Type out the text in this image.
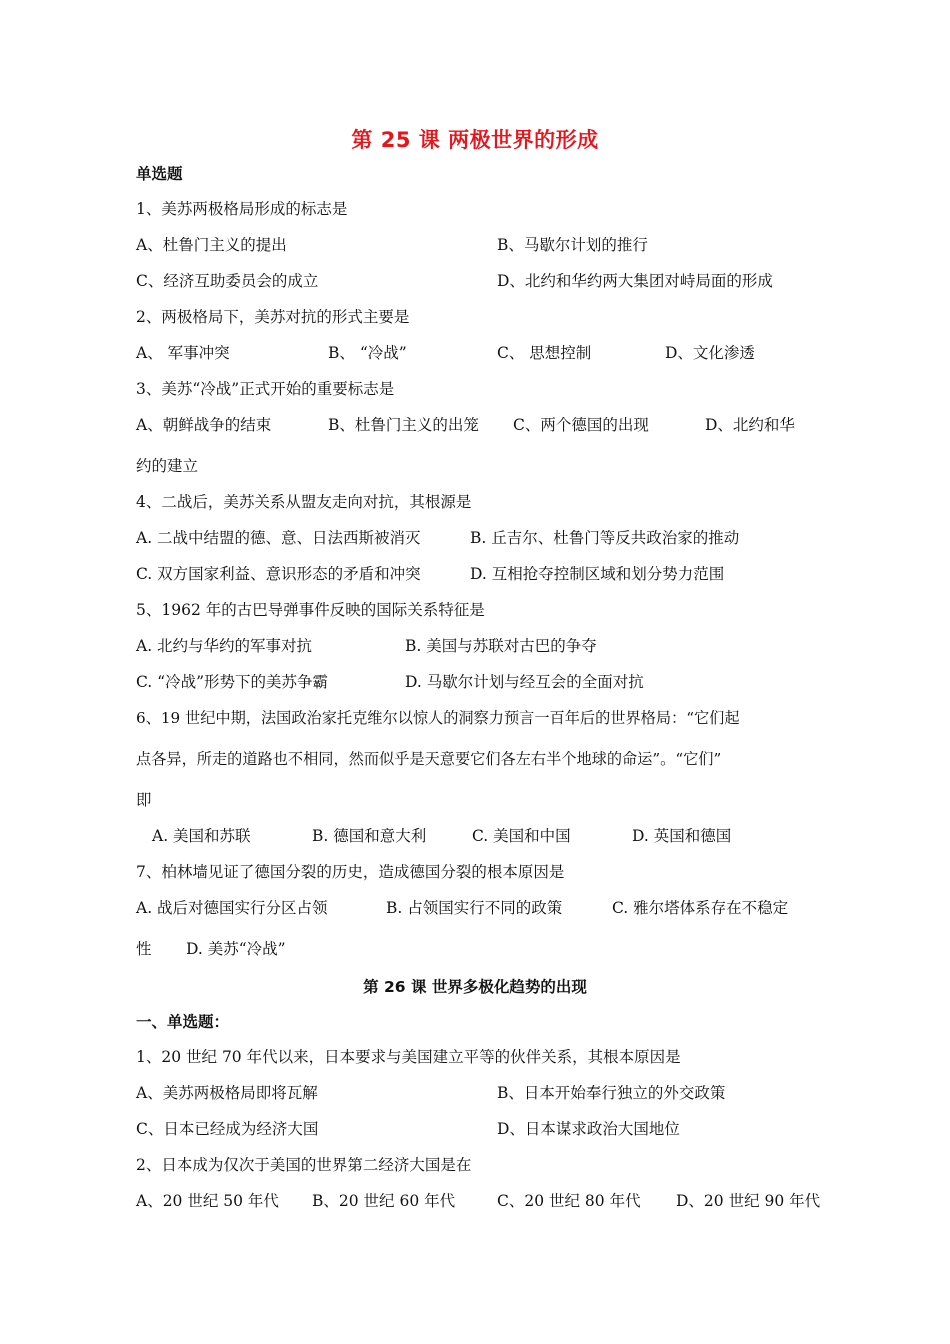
第 25 课 两极世界的形成
单选题
1、美苏两极格局形成的标志是
A、杜鲁门主义的提出	B、马歇尔计划的推行
C、经济互助委员会的成立	D、北约和华约两大集团对峙局面的形成
2、两极格局下，美苏对抗的形式主要是
A、 军事冲突	B、 “冷战”	C、 思想控制	D、文化渗透
3、美苏“冷战”正式开始的重要标志是
A、朝鲜战争的结束	B、杜鲁门主义的出笼 C、两个德国的出现	D、北约和华
约的建立
4、二战后，美苏关系从盟友走向对抗，其根源是
A. 二战中结盟的德、意、日法西斯被消灭	B. 丘吉尔、杜鲁门等反共政治家的推动
C. 双方国家利益、意识形态的矛盾和冲突	D. 互相抢夺控制区域和划分势力范围
5、1962 年的古巴导弹事件反映的国际关系特征是
A. 北约与华约的军事对抗	B. 美国与苏联对古巴的争夺
C. “冷战”形势下的美苏争霸	D. 马歇尔计划与经互会的全面对抗
6、19 世纪中期，法国政治家托克维尔以惊人的洞察力预言一百年后的世界格局：“它们起
点各异，所走的道路也不相同，然而似乎是天意要它们各左右半个地球的命运”。“它们”
即
A. 美国和苏联	B. 德国和意大利	C. 美国和中国	D. 英国和德国
7、柏林墙见证了德国分裂的历史，造成德国分裂的根本原因是
A. 战后对德国实行分区占领	B. 占领国实行不同的政策	C. 雅尔塔体系存在不稳定
性 D. 美苏“冷战”
第 26 课 世界多极化趋势的出现
一、单选题：
1、20 世纪 70 年代以来，日本要求与美国建立平等的伙伴关系，其根本原因是
A、美苏两极格局即将瓦解	B、日本开始奉行独立的外交政策
C、日本已经成为经济大国	D、日本谋求政治大国地位
2、日本成为仅次于美国的世界第二经济大国是在
A、20 世纪 50 年代 B、20 世纪 60 年代	C、20 世纪 80 年代 D、20 世纪 90 年代
